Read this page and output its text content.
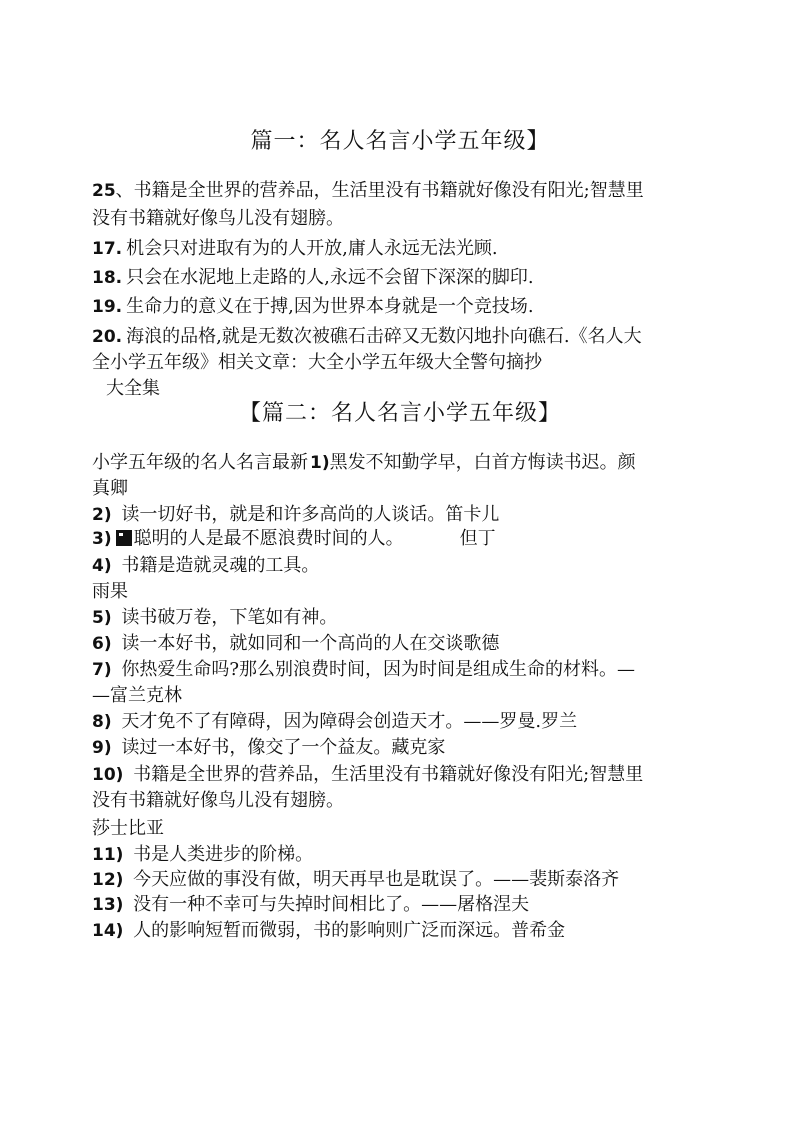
篇一：名人名言小学五年级】
25、书籍是全世界的营养品，生活里没有书籍就好像没有阳光;智慧里
没有书籍就好像鸟儿没有翅膀。
17. 机会只对进取有为的人开放,庸人永远无法光顾.
18. 只会在水泥地上走路的人,永远不会留下深深的脚印.
19. 生命力的意义在于搏,因为世界本身就是一个竞技场.
20. 海浪的品格,就是无数次被礁石击碎又无数闪地扑向礁石.《名人大
全小学五年级》相关文章：大全小学五年级大全警句摘抄
大全集
【篇二：名人名言小学五年级】
小学五年级的名人名言最新 1)黑发不知勤学早，白首方悔读书迟。颜
真卿
2) 读一切好书，就是和许多高尚的人谈话。笛卡儿
3) 聪明的人是最不愿浪费时间的人。	但丁
4) 书籍是造就灵魂的工具。
雨果
5) 读书破万卷，下笔如有神。
6) 读一本好书，就如同和一个高尚的人在交谈歌德
7) 你热爱生命吗?那么别浪费时间，因为时间是组成生命的材料。—
—富兰克林
8) 天才免不了有障碍，因为障碍会创造天才。——罗曼.罗兰
9) 读过一本好书，像交了一个益友。藏克家
10) 书籍是全世界的营养品，生活里没有书籍就好像没有阳光;智慧里
没有书籍就好像鸟儿没有翅膀。
莎士比亚
11) 书是人类进步的阶梯。
12) 今天应做的事没有做，明天再早也是耽误了。——裴斯泰洛齐
13) 没有一种不幸可与失掉时间相比了。——屠格涅夫
14) 人的影响短暂而微弱，书的影响则广泛而深远。普希金
